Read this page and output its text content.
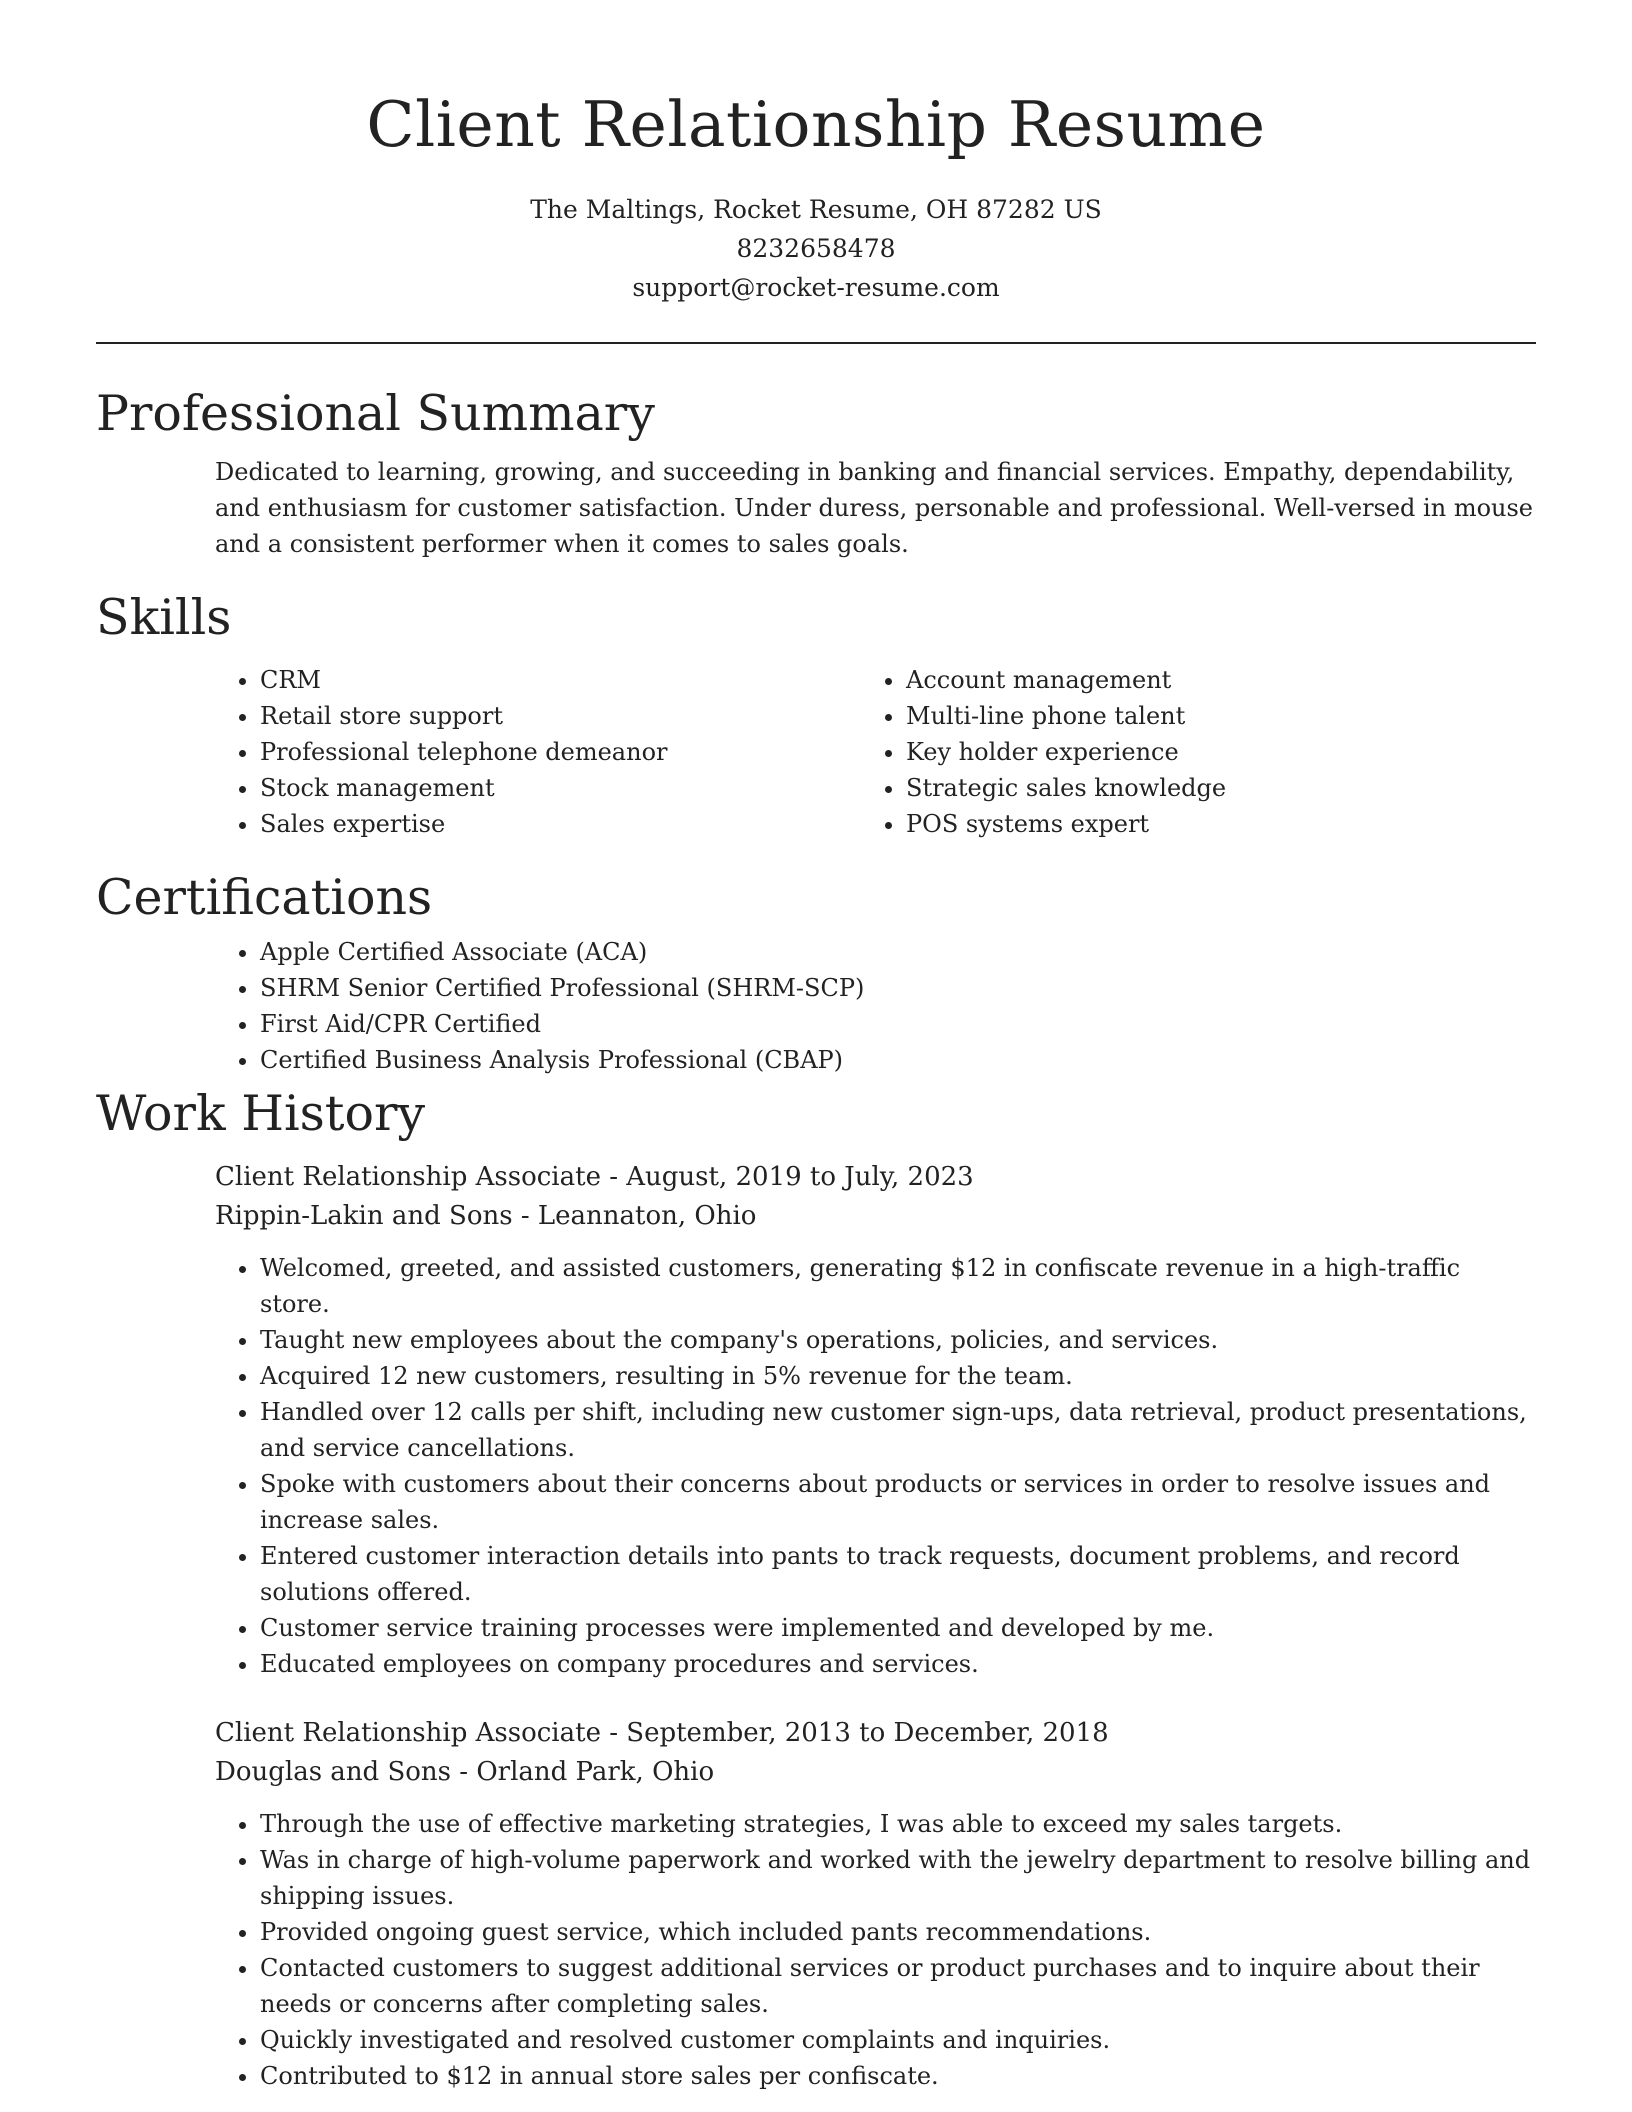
Client Relationship Resume
The Maltings, Rocket Resume, OH 87282 US
8232658478
support@rocket-resume.com
Professional Summary
Dedicated to learning, growing, and succeeding in banking and financial services. Empathy, dependability, and enthusiasm for customer satisfaction. Under duress, personable and professional. Well-versed in mouse and a consistent performer when it comes to sales goals.
Skills
• CRM
• Retail store support
• Professional telephone demeanor
• Stock management
• Sales expertise
• Account management
• Multi-line phone talent
• Key holder experience
• Strategic sales knowledge
• POS systems expert
Certifications
• Apple Certified Associate (ACA)
• SHRM Senior Certified Professional (SHRM-SCP)
• First Aid/CPR Certified
• Certified Business Analysis Professional (CBAP)
Work History
Client Relationship Associate - August, 2019 to July, 2023
Rippin-Lakin and Sons - Leannaton, Ohio
• Welcomed, greeted, and assisted customers, generating $12 in confiscate revenue in a high-traffic store.
• Taught new employees about the company's operations, policies, and services.
• Acquired 12 new customers, resulting in 5% revenue for the team.
• Handled over 12 calls per shift, including new customer sign-ups, data retrieval, product presentations, and service cancellations.
• Spoke with customers about their concerns about products or services in order to resolve issues and increase sales.
• Entered customer interaction details into pants to track requests, document problems, and record solutions offered.
• Customer service training processes were implemented and developed by me.
• Educated employees on company procedures and services.
Client Relationship Associate - September, 2013 to December, 2018
Douglas and Sons - Orland Park, Ohio
• Through the use of effective marketing strategies, I was able to exceed my sales targets.
• Was in charge of high-volume paperwork and worked with the jewelry department to resolve billing and shipping issues.
• Provided ongoing guest service, which included pants recommendations.
• Contacted customers to suggest additional services or product purchases and to inquire about their needs or concerns after completing sales.
• Quickly investigated and resolved customer complaints and inquiries.
• Contributed to $12 in annual store sales per confiscate.
